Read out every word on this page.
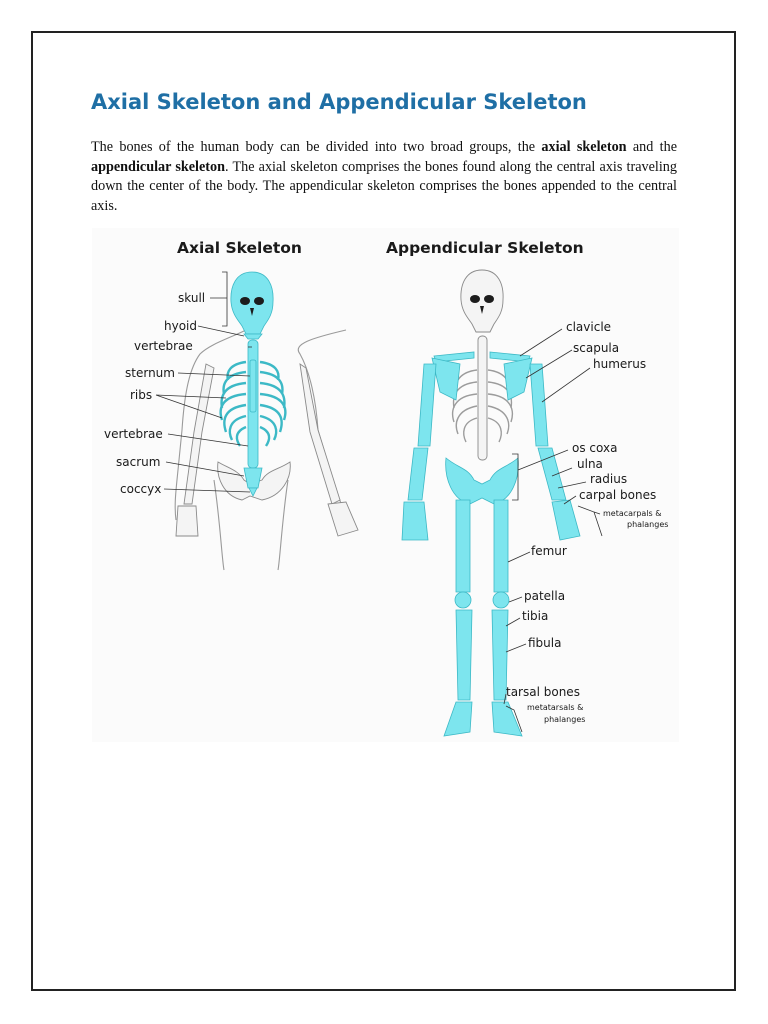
Axial Skeleton and Appendicular Skeleton

The bones of the human body can be divided into two broad groups, the axial skeleton and the appendicular skeleton. The axial skeleton comprises the bones found along the central axis traveling down the center of the body. The appendicular skeleton comprises the bones appended to the central axis.

Axial Skeleton
skull
hyoid
vertebrae
sternum
ribs
vertebrae
sacrum
coccyx
Appendicular Skeleton
clavicle
scapula
humerus
os coxa
ulna
radius
carpal bones
metacarpals &
phalanges
femur
patella
tibia
fibula
tarsal bones
metatarsals &
phalanges
